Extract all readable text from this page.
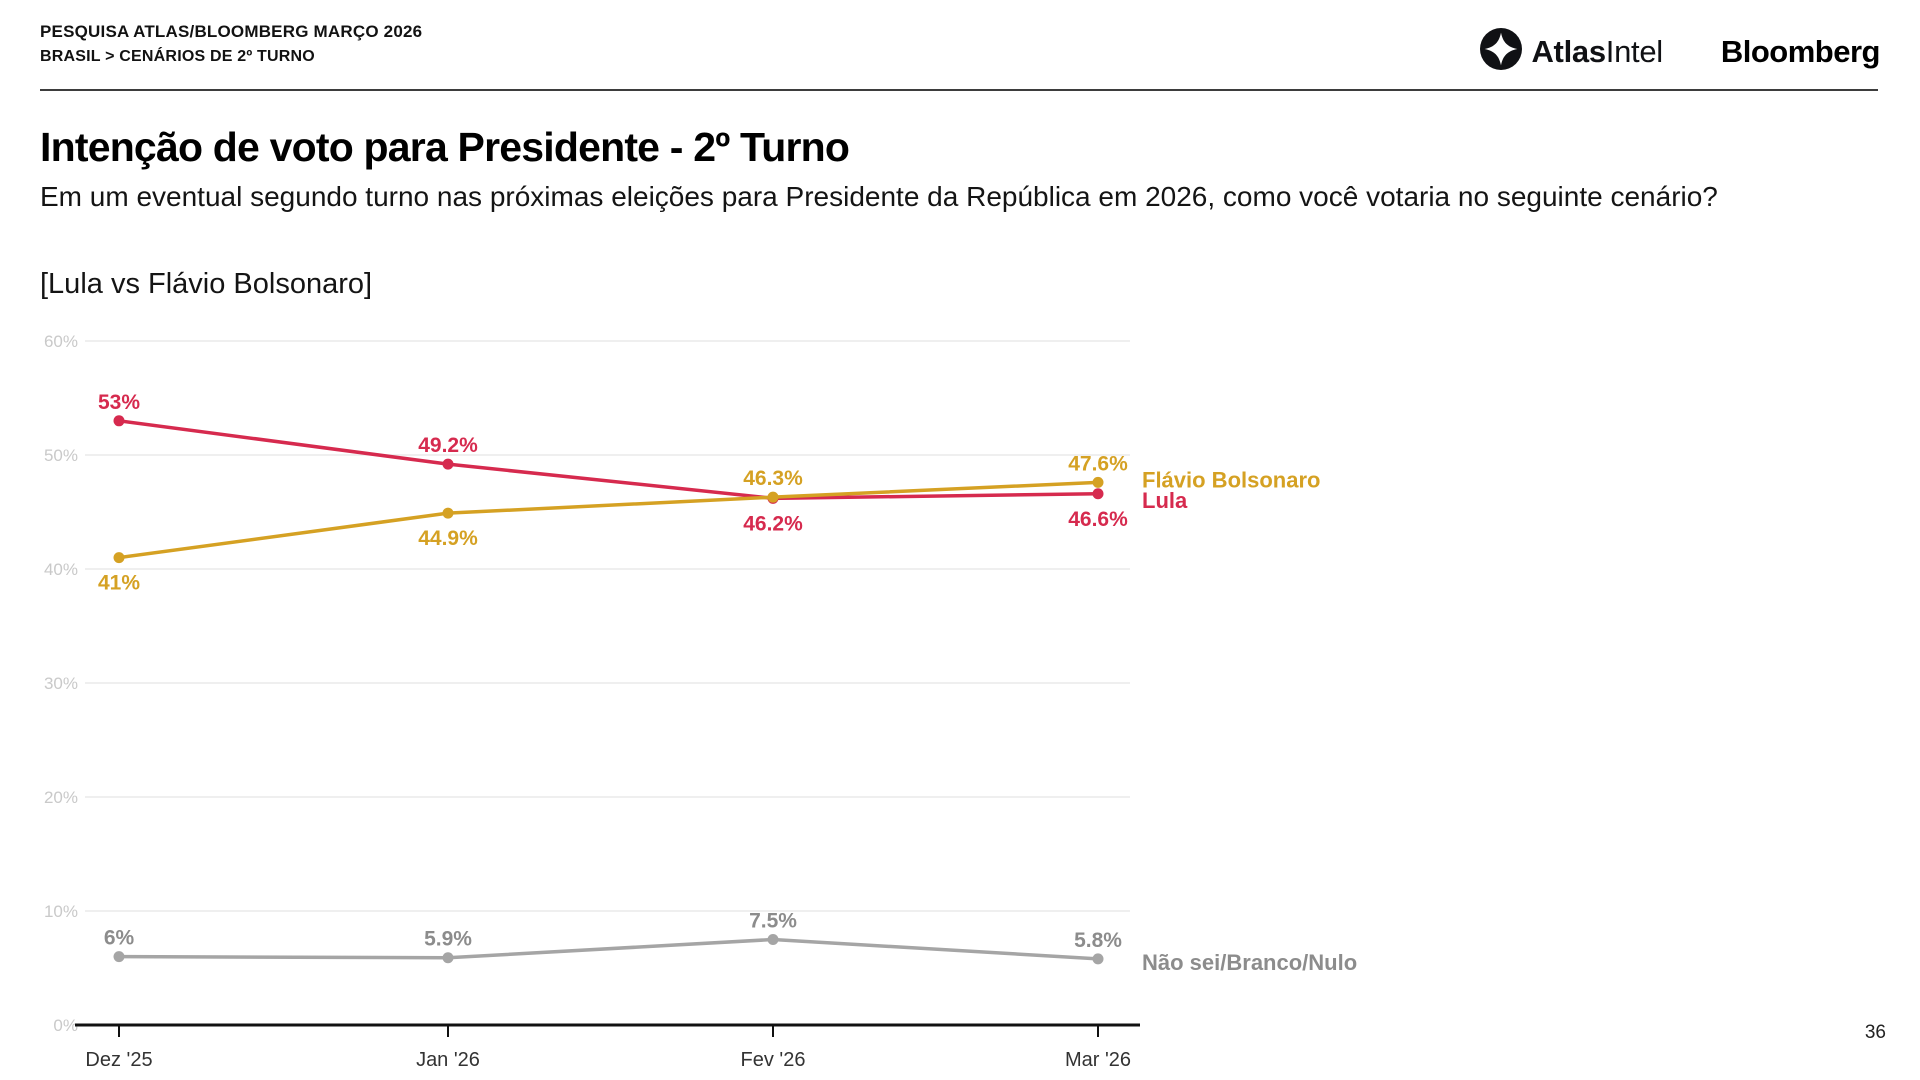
PESQUISA ATLAS/BLOOMBERG MARÇO 2026
BRASIL > CENÁRIOS DE 2º TURNO	AtlasIntel Bloomberg
Intenção de voto para Presidente - 2º Turno

Em um eventual segundo turno nas próximas eleições para Presidente da República em 2026, como você votaria no seguinte cenário?

[Lula vs Flávio Bolsonaro]

0%
10%
20%
30%
40%
50%
60%
Dez '25	Jan '26	Fev '26	Mar '26
53%
49.2%
46.2%	46.6%
Lula
41%
44.9%
46.3%
47.6%
Flávio Bolsonaro
6%	5.9%
7.5%
5.8%
Não sei/Branco/Nulo
36
